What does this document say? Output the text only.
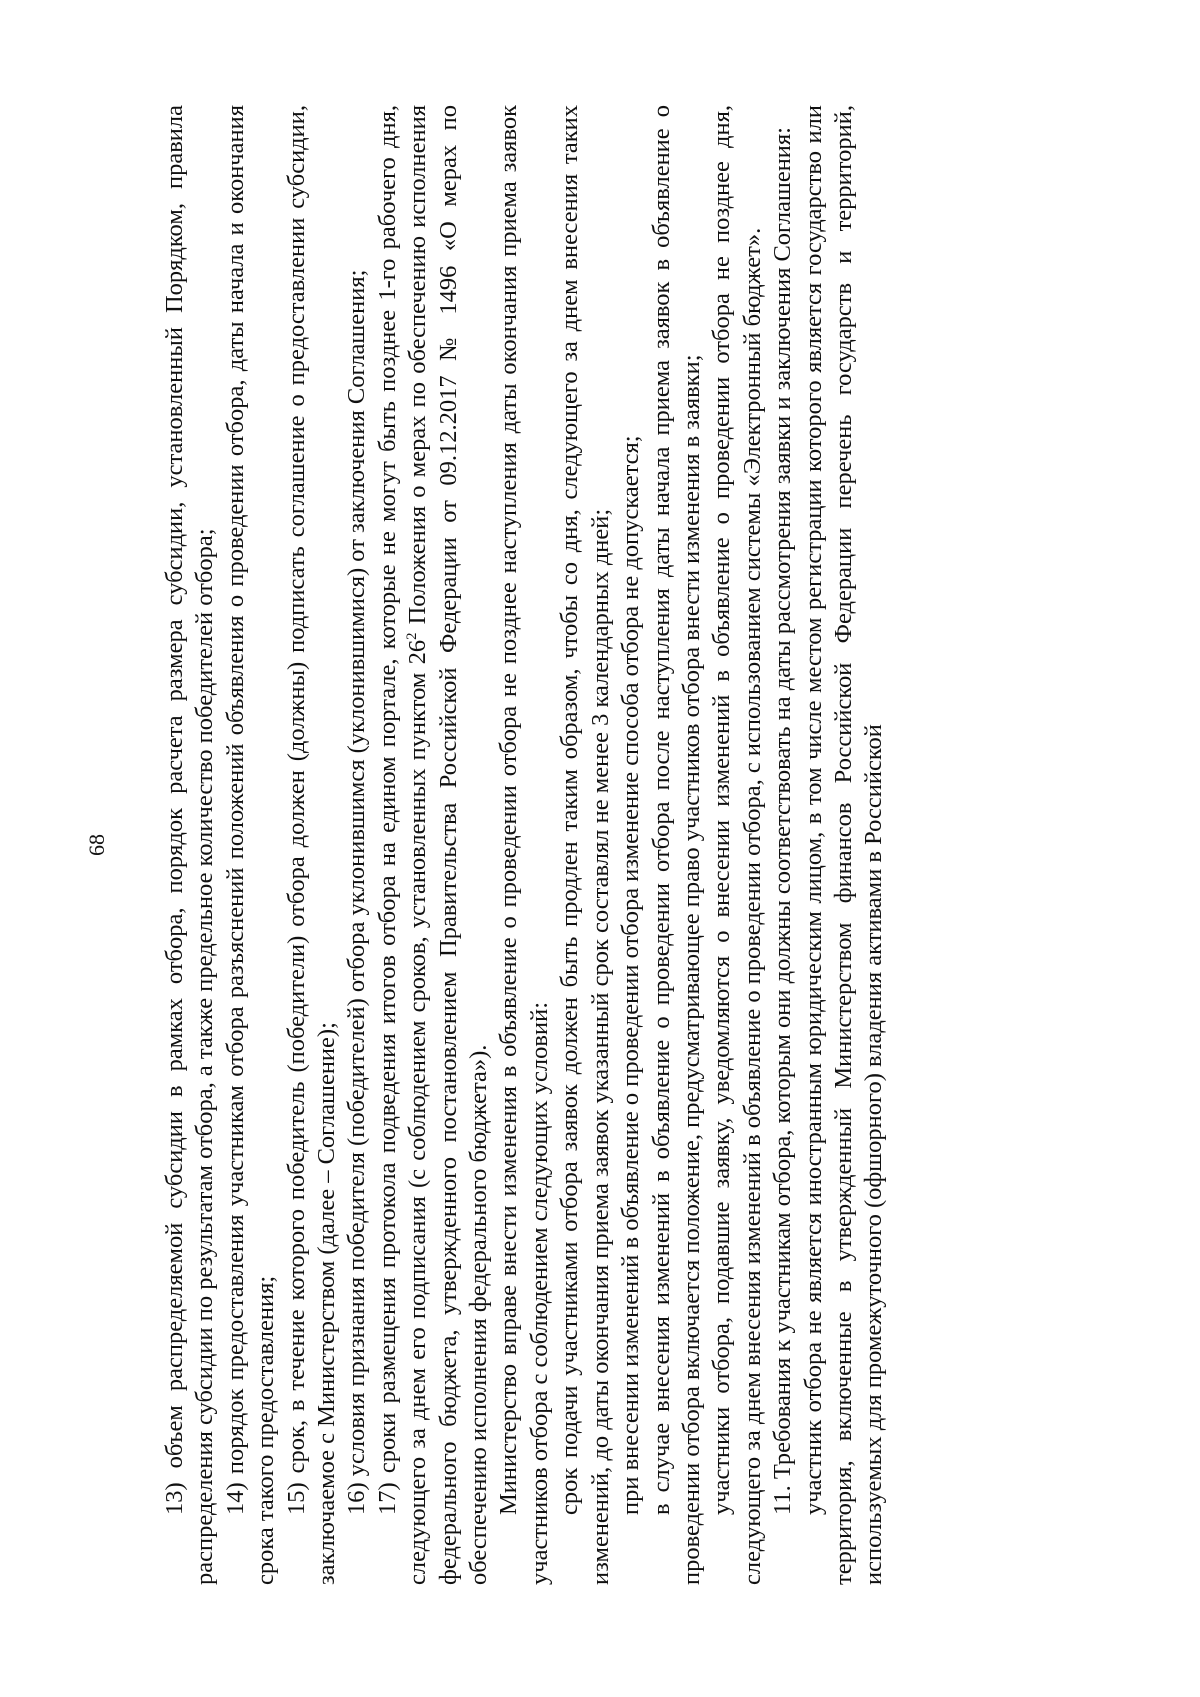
68 13) объем распределяемой субсидии в рамках отбора, порядок расчета размера субсидии, установленный Порядком, правила распределения субсидии по результатам отбора, а также предельное количество победителей отбора; 14) порядок предоставления участникам отбора разъяснений положений объявления о проведении отбора, даты начала и окончания срока такого предоставления; 15) срок, в течение которого победитель (победители) отбора должен (должны) подписать соглашение о предоставлении субсидии, заключаемое с Министерством (далее – Соглашение); 16) условия признания победителя (победителей) отбора уклонившимся (уклонившимися) от заключения Соглашения; 17) сроки размещения протокола подведения итогов отбора на едином портале, которые не могут быть позднее 1-го рабочего дня, следующего за днем его подписания (с соблюдением сроков, установленных пунктом $26^2$ Положения о мерах по обеспечению исполнения федерального бюджета, утвержденного постановлением Правительства Российской Федерации от 09.12.2017 № 1496 «О мерах по обеспечению исполнения федерального бюджета»). Министерство вправе внести изменения в объявление о проведении отбора не позднее наступления даты окончания приема заявок участников отбора с соблюдением следующих условий: срок подачи участниками отбора заявок должен быть продлен таким образом, чтобы со дня, следующего за днем внесения таких изменений, до даты окончания приема заявок указанный срок составлял не менее 3 календарных дней; при внесении изменений в объявление о проведении отбора изменение способа отбора не допускается; в случае внесения изменений в объявление о проведении отбора после наступления даты начала приема заявок в объявление о проведении отбора включается положение, предусматривающее право участников отбора внести изменения в заявки; участники отбора, подавшие заявку, уведомляются о внесении изменений в объявление о проведении отбора не позднее дня, следующего за днем внесения изменений в объявление о проведении отбора, с использованием системы «Электронный бюджет». 11. Требования к участникам отбора, которым они должны соответствовать на даты рассмотрения заявки и заключения Соглашения: участник отбора не является иностранным юридическим лицом, в том числе местом регистрации которого является государство или территория, включенные в утвержденный Министерством финансов Российской Федерации перечень государств и территорий, используемых для промежуточного (офшорного) владения активами в Российской
